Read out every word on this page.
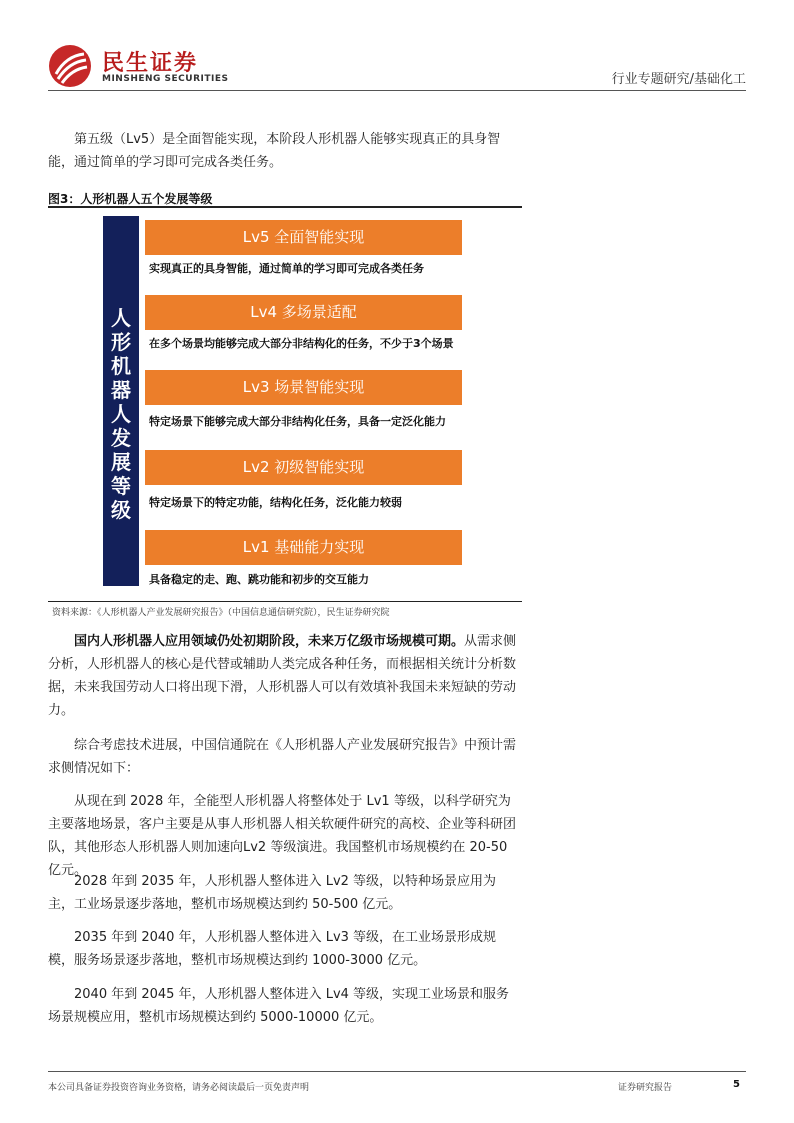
民生证券
MINSHENG SECURITIES	行业专题研究/基础化工

第五级（Lv5）是全面智能实现，本阶段人形机器人能够实现真正的具身智能，通过简单的学习即可完成各类任务。

图3：人形机器人五个发展等级
人形机器人发展等级
Lv5 全面智能实现
实现真正的具身智能，通过简单的学习即可完成各类任务
Lv4 多场景适配
在多个场景均能够完成大部分非结构化的任务，不少于3个场景
Lv3 场景智能实现
特定场景下能够完成大部分非结构化任务，具备一定泛化能力
Lv2 初级智能实现
特定场景下的特定功能，结构化任务，泛化能力较弱
Lv1 基础能力实现
具备稳定的走、跑、跳功能和初步的交互能力
资料来源：《人形机器人产业发展研究报告》（中国信息通信研究院），民生证券研究院

国内人形机器人应用领域仍处初期阶段，未来万亿级市场规模可期。从需求侧分析，人形机器人的核心是代替或辅助人类完成各种任务，而根据相关统计分析数据，未来我国劳动人口将出现下滑，人形机器人可以有效填补我国未来短缺的劳动力。

综合考虑技术进展，中国信通院在《人形机器人产业发展研究报告》中预计需求侧情况如下：

从现在到 2028 年，全能型人形机器人将整体处于 Lv1 等级，以科学研究为主要落地场景，客户主要是从事人形机器人相关软硬件研究的高校、企业等科研团队，其他形态人形机器人则加速向Lv2 等级演进。我国整机市场规模约在 20-50 亿元。

2028 年到 2035 年，人形机器人整体进入 Lv2 等级，以特种场景应用为主，工业场景逐步落地，整机市场规模达到约 50-500 亿元。

2035 年到 2040 年，人形机器人整体进入 Lv3 等级，在工业场景形成规模，服务场景逐步落地，整机市场规模达到约 1000-3000 亿元。

2040 年到 2045 年，人形机器人整体进入 Lv4 等级，实现工业场景和服务场景规模应用，整机市场规模达到约 5000-10000 亿元。

本公司具备证券投资咨询业务资格，请务必阅读最后一页免责声明	证券研究报告	5
